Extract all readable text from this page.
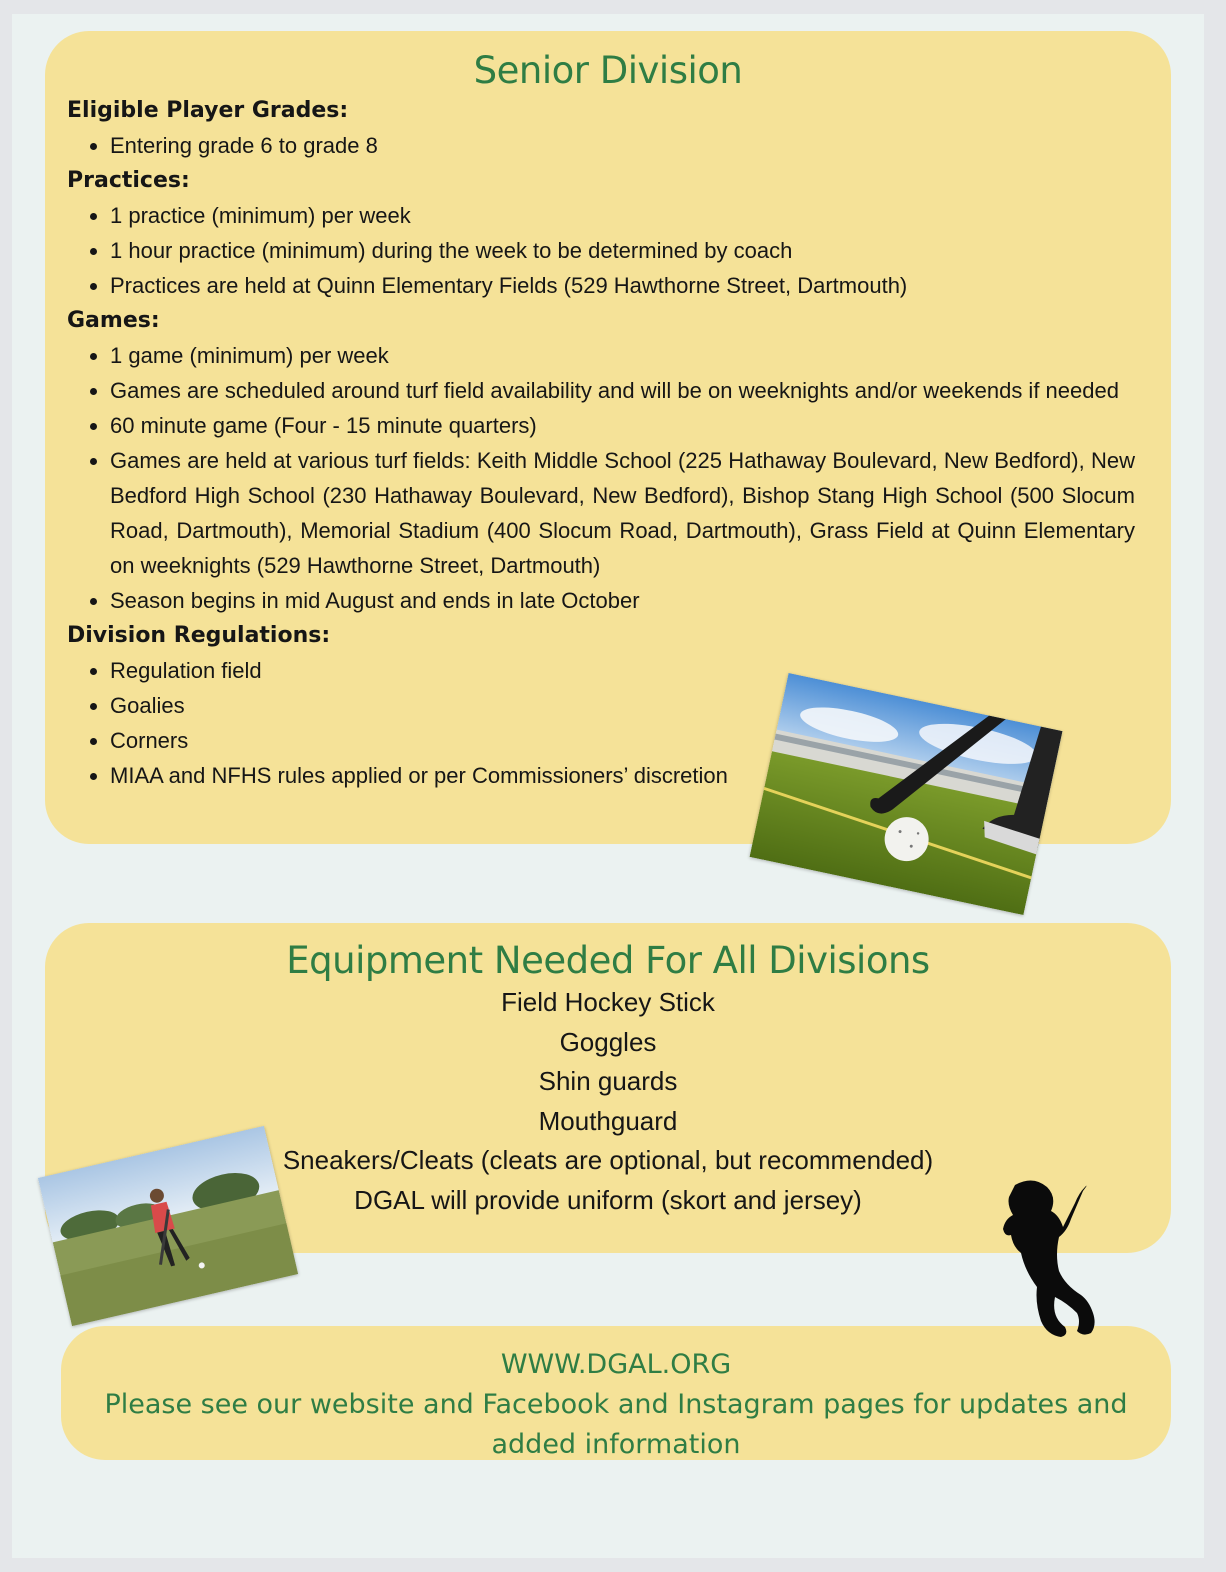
Senior Division
Eligible Player Grades:
• Entering grade 6 to grade 8
Practices:
• 1 practice (minimum) per week
• 1 hour practice (minimum) during the week to be determined by coach
• Practices are held at Quinn Elementary Fields (529 Hawthorne Street, Dartmouth)
Games:
• 1 game (minimum) per week
• Games are scheduled around turf field availability and will be on weeknights and/or weekends if needed
• 60 minute game (Four - 15 minute quarters)
• Games are held at various turf fields: Keith Middle School (225 Hathaway Boulevard, New Bedford), New Bedford High School (230 Hathaway Boulevard, New Bedford), Bishop Stang High School (500 Slocum Road, Dartmouth), Memorial Stadium (400 Slocum Road, Dartmouth), Grass Field at Quinn Elementary on weeknights (529 Hawthorne Street, Dartmouth)
• Season begins in mid August and ends in late October
Division Regulations:
• Regulation field
• Goalies
• Corners
• MIAA and NFHS rules applied or per Commissioners’ discretion
Equipment Needed For All Divisions
Field Hockey Stick
Goggles
Shin guards
Mouthguard
Sneakers/Cleats (cleats are optional, but recommended)
DGAL will provide uniform (skort and jersey)
WWW.DGAL.ORG
Please see our website and Facebook and Instagram pages for updates and added information
